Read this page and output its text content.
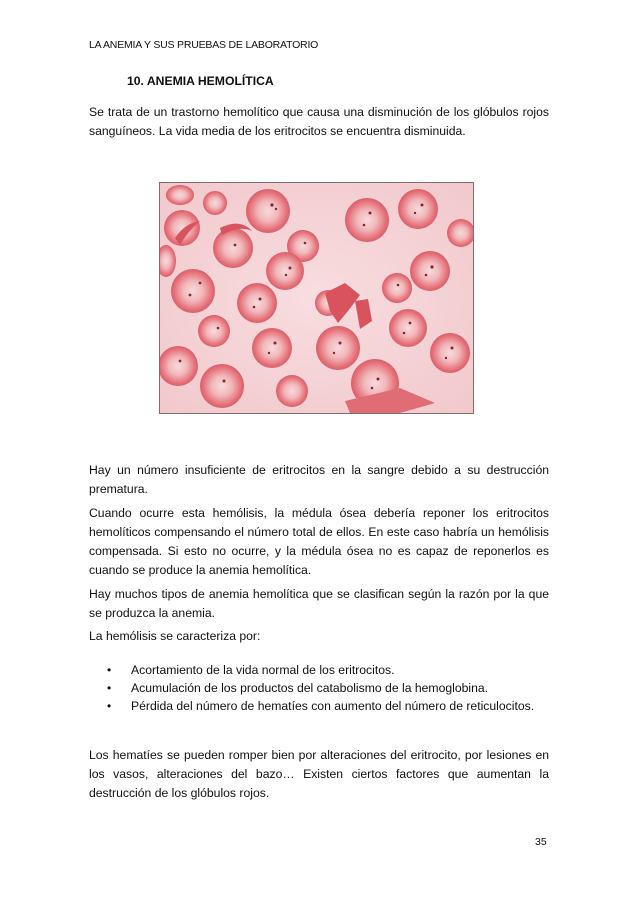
LA ANEMIA Y SUS PRUEBAS DE LABORATORIO
10. ANEMIA HEMOLÍTICA

Se trata de un trastorno hemolítico que causa una disminución de los glóbulos rojos sanguíneos. La vida media de los eritrocitos se encuentra disminuida.

Hay un número insuficiente de eritrocitos en la sangre debido a su destrucción prematura.

Cuando ocurre esta hemólisis, la médula ósea debería reponer los eritrocitos hemolíticos compensando el número total de ellos. En este caso habría un hemólisis compensada. Si esto no ocurre, y la médula ósea no es capaz de reponerlos es cuando se produce la anemia hemolítica.

Hay muchos tipos de anemia hemolítica que se clasifican según la razón por la que se produzca la anemia.

La hemólisis se caracteriza por:

•	Acortamiento de la vida normal de los eritrocitos.
•	Acumulación de los productos del catabolismo de la hemoglobina.
•	Pérdida del número de hematíes con aumento del número de reticulocitos.

Los hematíes se pueden romper bien por alteraciones del eritrocito, por lesiones en los vasos, alteraciones del bazo… Existen ciertos factores que aumentan la destrucción de los glóbulos rojos.

35
